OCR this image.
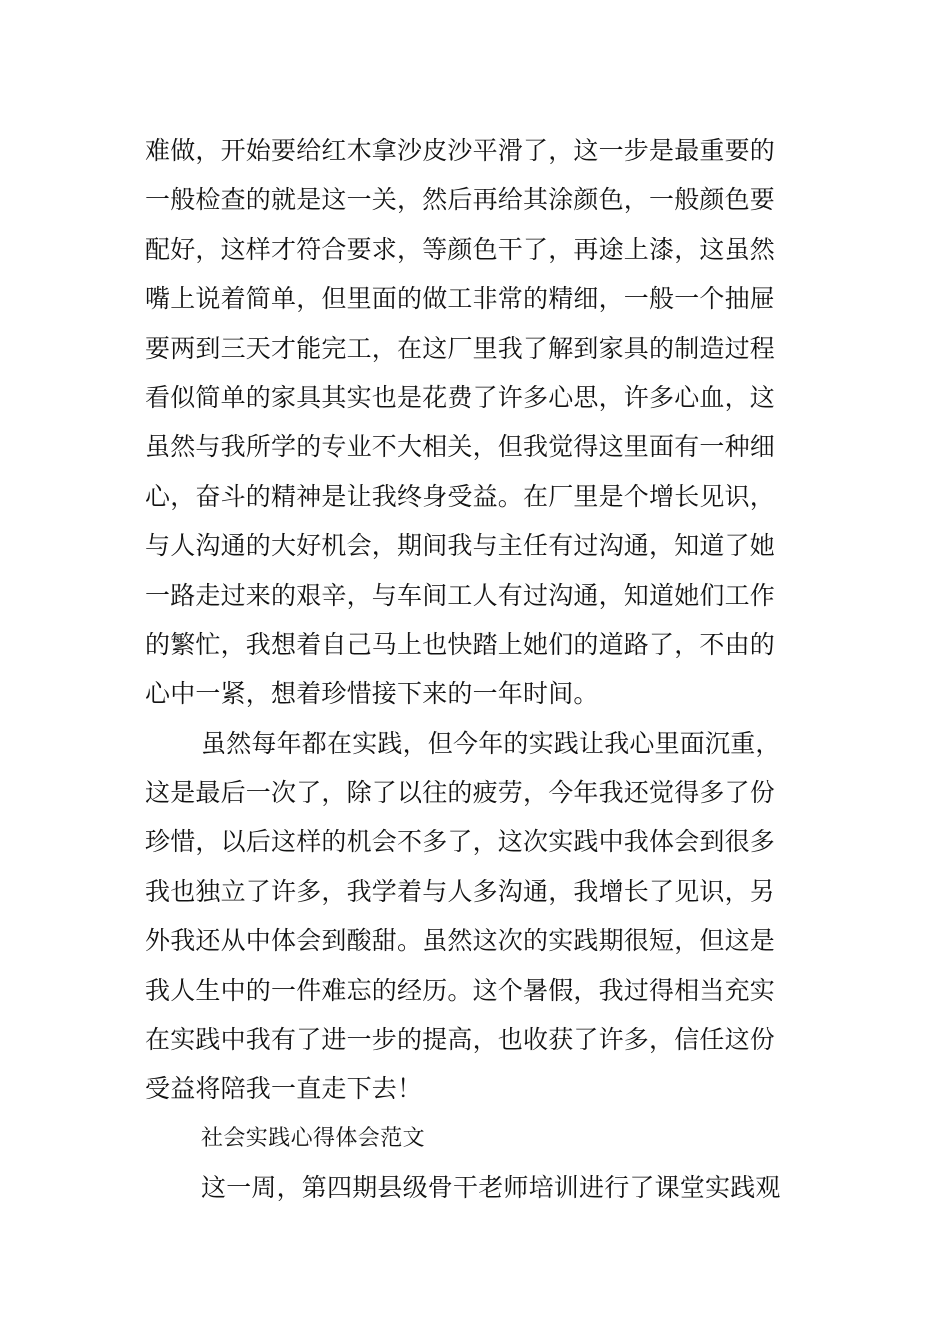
难做，开始要给红木拿沙皮沙平滑了，这一步是最重要的
一般检查的就是这一关，然后再给其涂颜色，一般颜色要
配好，这样才符合要求，等颜色干了，再途上漆，这虽然
嘴上说着简单，但里面的做工非常的精细，一般一个抽屉
要两到三天才能完工，在这厂里我了解到家具的制造过程
看似简单的家具其实也是花费了许多心思，许多心血，这
虽然与我所学的专业不大相关，但我觉得这里面有一种细
心，奋斗的精神是让我终身受益。在厂里是个增长见识，
与人沟通的大好机会，期间我与主任有过沟通，知道了她
一路走过来的艰辛，与车间工人有过沟通，知道她们工作
的繁忙，我想着自己马上也快踏上她们的道路了，不由的
心中一紧，想着珍惜接下来的一年时间。
虽然每年都在实践，但今年的实践让我心里面沉重，
这是最后一次了，除了以往的疲劳，今年我还觉得多了份
珍惜，以后这样的机会不多了，这次实践中我体会到很多
我也独立了许多，我学着与人多沟通，我增长了见识，另
外我还从中体会到酸甜。虽然这次的实践期很短，但这是
我人生中的一件难忘的经历。这个暑假，我过得相当充实
在实践中我有了进一步的提高，也收获了许多，信任这份
受益将陪我一直走下去！
社会实践心得体会范文
这一周，第四期县级骨干老师培训进行了课堂实践观
